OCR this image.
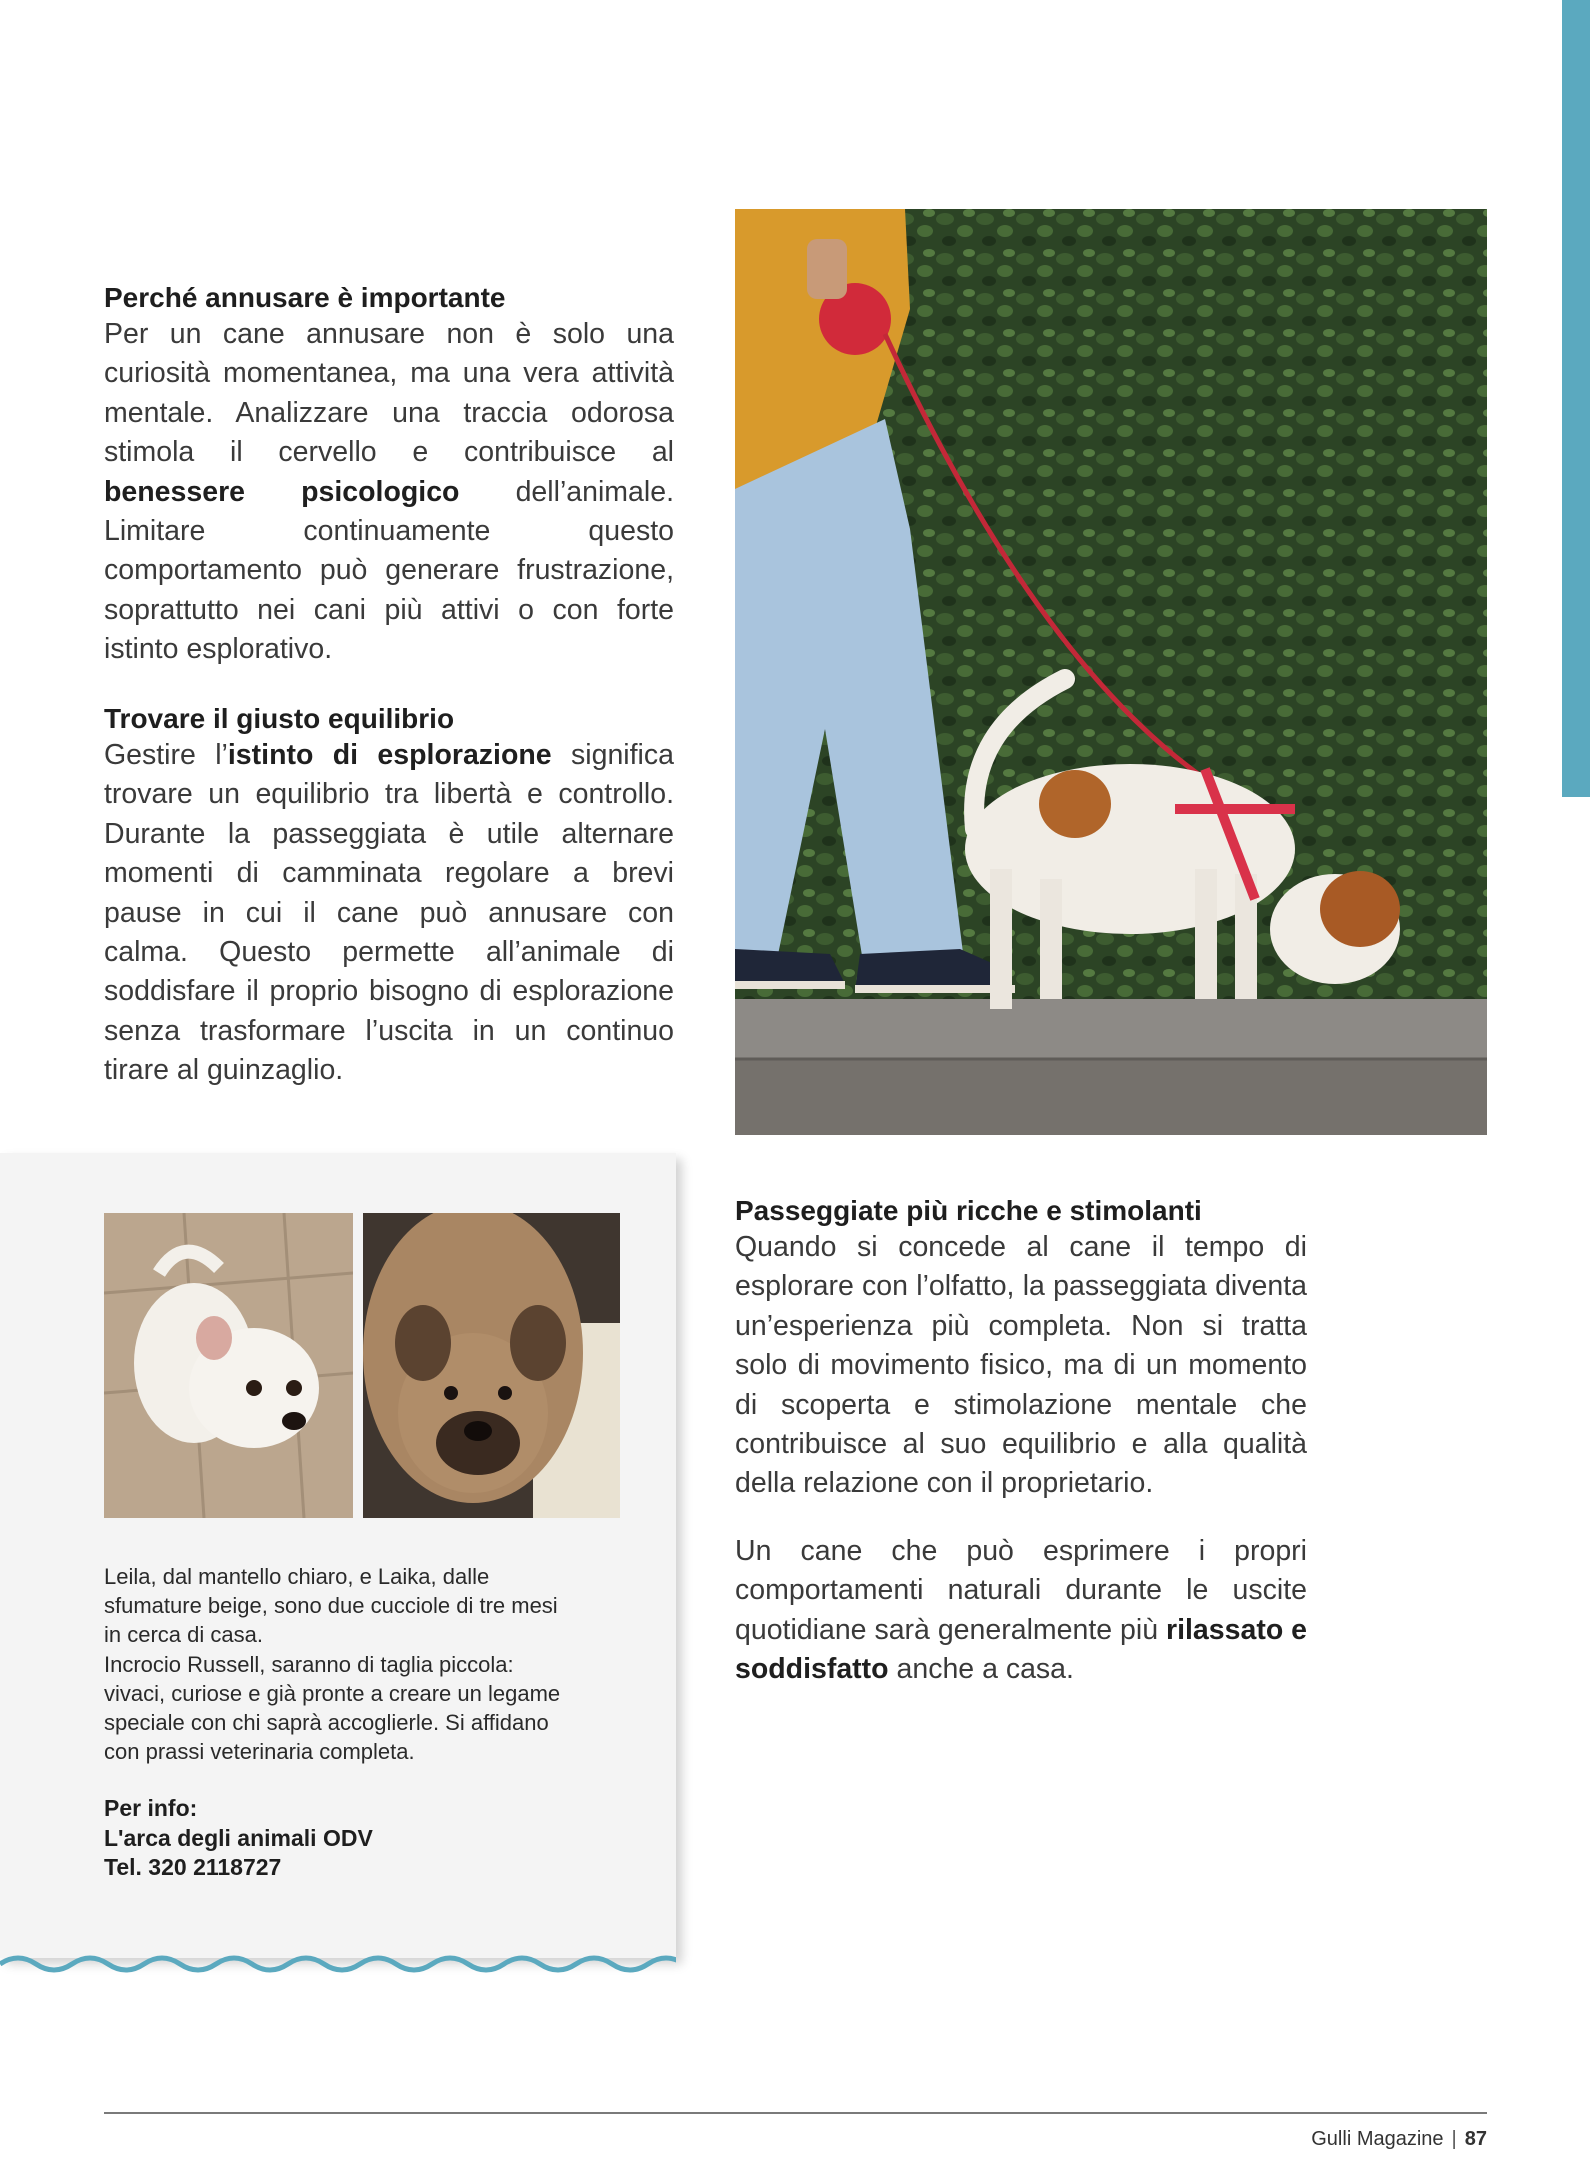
Perché annusare è importante

Per un cane annusare non è solo una curiosità momentanea, ma una vera attività mentale. Analizzare una traccia odorosa stimola il cervello e contribuisce al benessere psicologico dell’animale. Limitare continuamente questo comportamento può generare frustrazione, soprattutto nei cani più attivi o con forte istinto esplorativo.

Trovare il giusto equilibrio

Gestire l’istinto di esplorazione significa trovare un equilibrio tra libertà e controllo. Durante la passeggiata è utile alternare momenti di camminata regolare a brevi pause in cui il cane può annusare con calma. Questo permette all’animale di soddisfare il proprio bisogno di esplorazione senza trasformare l’uscita in un continuo tirare al guinzaglio.

Passeggiate più ricche e stimolanti

Quando si concede al cane il tempo di esplorare con l’olfatto, la passeggiata diventa un’esperienza più completa. Non si tratta solo di movimento fisico, ma di un momento di scoperta e stimolazione mentale che contribuisce al suo equilibrio e alla qualità della relazione con il proprietario.

Un cane che può esprimere i propri comportamenti naturali durante le uscite quotidiane sarà generalmente più rilassato e soddisfatto anche a casa.

Leila, dal mantello chiaro, e Laika, dalle
sfumature beige, sono due cucciole di tre mesi
in cerca di casa.
Incrocio Russell, saranno di taglia piccola:
vivaci, curiose e già pronte a creare un legame
speciale con chi saprà accoglierle. Si affidano
con prassi veterinaria completa.

Per info:
L'arca degli animali ODV
Tel. 320 2118727
Gulli Magazine | 87
